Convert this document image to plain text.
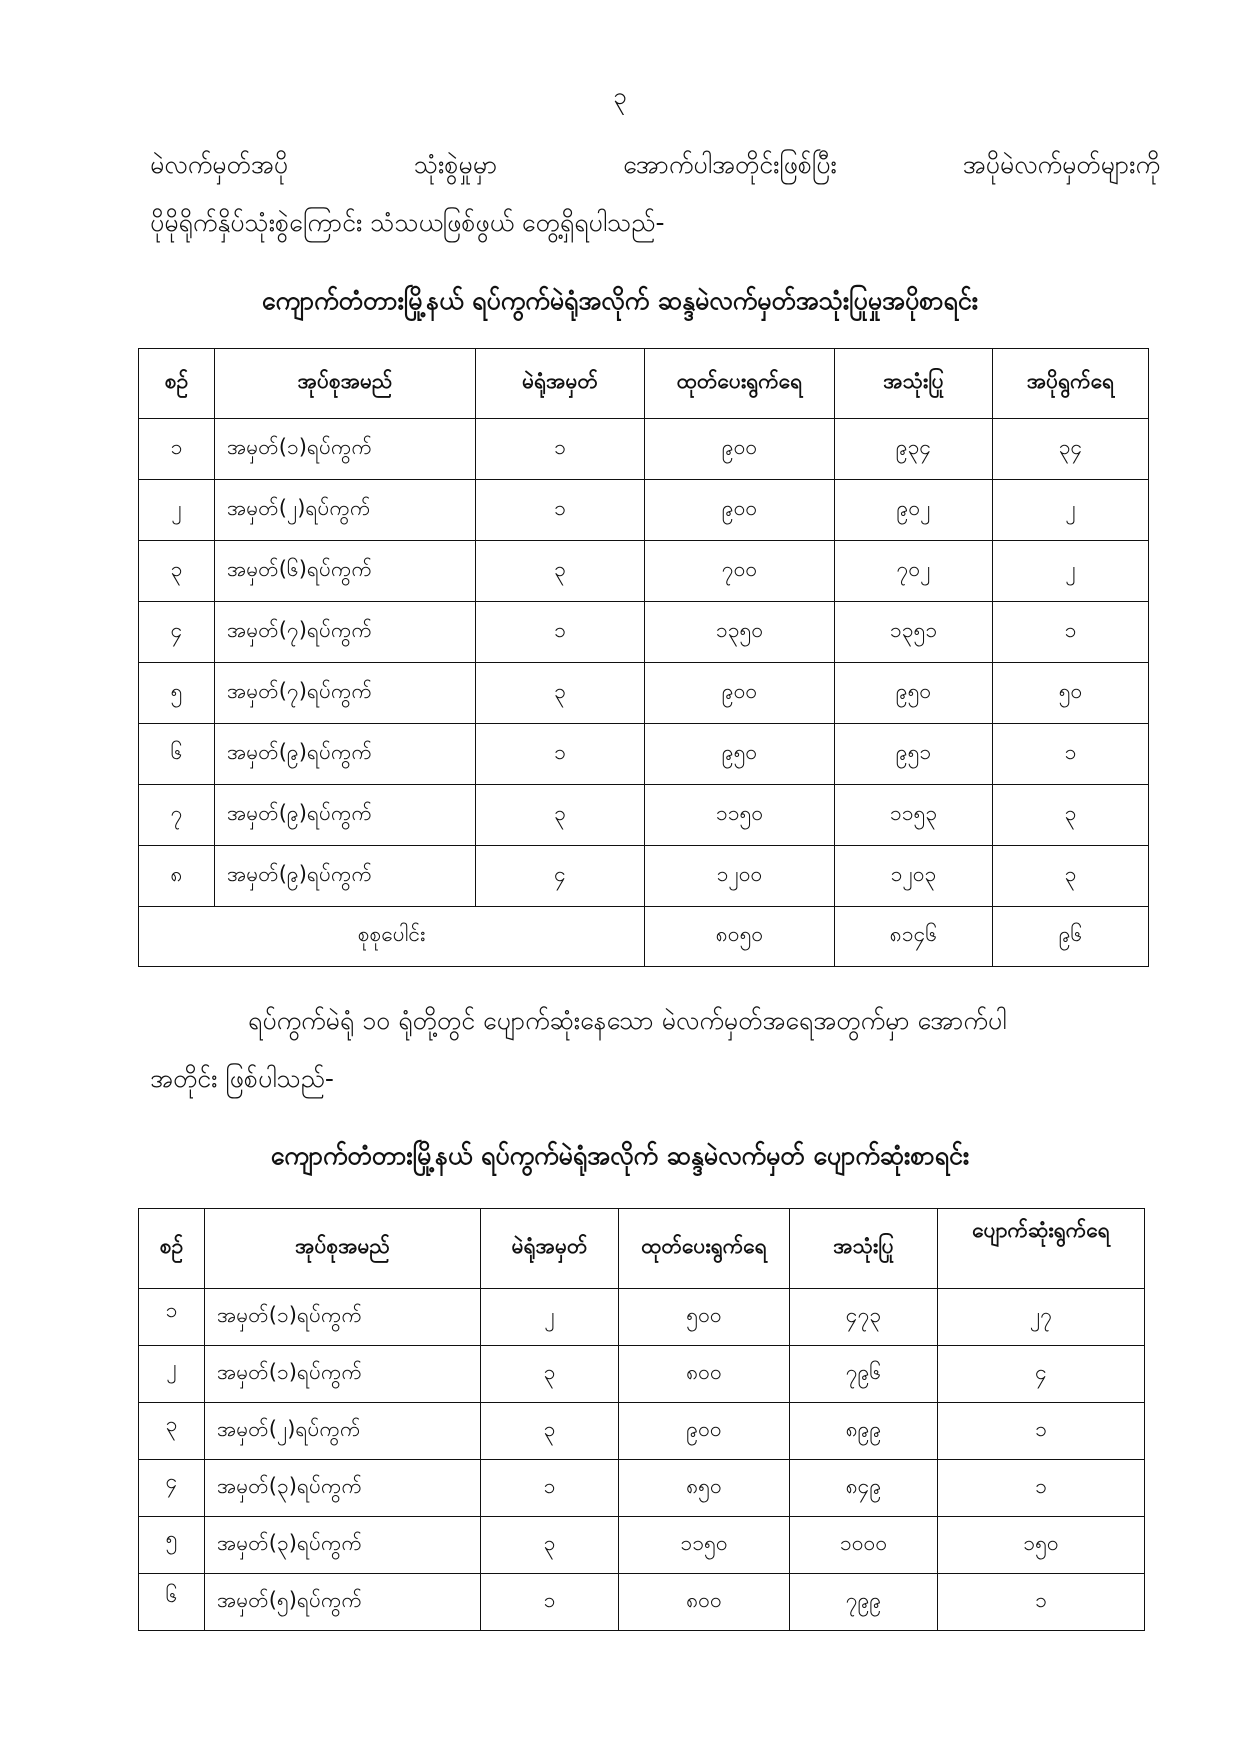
၃
မဲလက်မှတ်အပို	သုံးစွဲမှုမှာ	အောက်ပါအတိုင်းဖြစ်ပြီး	အပိုမဲလက်မှတ်များကို
ပိုမိုရိုက်နှိပ်သုံးစွဲကြောင်း သံသယဖြစ်ဖွယ် တွေ့ရှိရပါသည်-
ကျောက်တံတားမြို့နယ် ရပ်ကွက်မဲရုံအလိုက် ဆန္ဒမဲလက်မှတ်အသုံးပြုမှုအပိုစာရင်း
စဉ်	အုပ်စုအမည်	မဲရုံအမှတ်	ထုတ်ပေးရွက်ရေ	အသုံးပြု	အပိုရွက်ရေ
၁	အမှတ်(၁)ရပ်ကွက်	၁	၉၀၀	၉၃၄	၃၄
၂	အမှတ်(၂)ရပ်ကွက်	၁	၉၀၀	၉၀၂	၂
၃	အမှတ်(၆)ရပ်ကွက်	၃	၇၀၀	၇၀၂	၂
၄	အမှတ်(၇)ရပ်ကွက်	၁	၁၃၅၀	၁၃၅၁	၁
၅	အမှတ်(၇)ရပ်ကွက်	၃	၉၀၀	၉၅၀	၅၀
၆	အမှတ်(၉)ရပ်ကွက်	၁	၉၅၀	၉၅၁	၁
၇	အမှတ်(၉)ရပ်ကွက်	၃	၁၁၅၀	၁၁၅၃	၃
၈	အမှတ်(၉)ရပ်ကွက်	၄	၁၂၀၀	၁၂၀၃	၃
စုစုပေါင်း			၈၀၅၀	၈၁၄၆	၉၆
ရပ်ကွက်မဲရုံ ၁၀ ရုံတို့တွင် ပျောက်ဆုံးနေသော မဲလက်မှတ်အရေအတွက်မှာ အောက်ပါ
အတိုင်း ဖြစ်ပါသည်-
ကျောက်တံတားမြို့နယ် ရပ်ကွက်မဲရုံအလိုက် ဆန္ဒမဲလက်မှတ် ပျောက်ဆုံးစာရင်း
စဉ်	အုပ်စုအမည်	မဲရုံအမှတ်	ထုတ်ပေးရွက်ရေ	အသုံးပြု	ပျောက်ဆုံးရွက်ရေ
၁	အမှတ်(၁)ရပ်ကွက်	၂	၅၀၀	၄၇၃	၂၇
၂	အမှတ်(၁)ရပ်ကွက်	၃	၈၀၀	၇၉၆	၄
၃	အမှတ်(၂)ရပ်ကွက်	၃	၉၀၀	၈၉၉	၁
၄	အမှတ်(၃)ရပ်ကွက်	၁	၈၅၀	၈၄၉	၁
၅	အမှတ်(၃)ရပ်ကွက်	၃	၁၁၅၀	၁၀၀၀	၁၅၀
၆	အမှတ်(၅)ရပ်ကွက်	၁	၈၀၀	၇၉၉	၁
